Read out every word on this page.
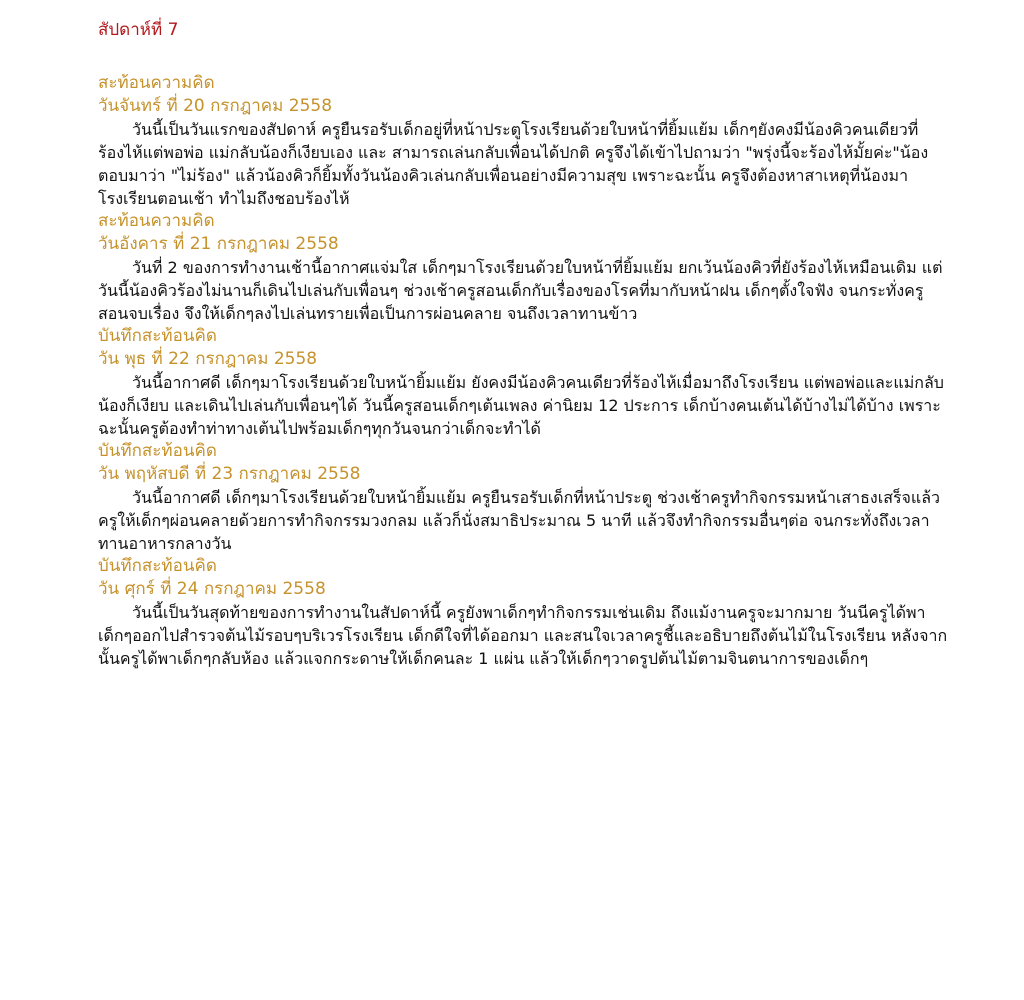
สัปดาห์ที่ 7

สะท้อนความคิด

วันจันทร์ ที่ 20 กรกฎาคม 2558

วันนี้เป็นวันแรกของสัปดาห์ ครูยืนรอรับเด็กอยู่ที่หน้าประตูโรงเรียนด้วยใบหน้าที่ยิ้มแย้ม เด็กๆยังคงมีน้องคิวคนเดียวที่ร้องไห้แต่พอพ่อ แม่กลับน้องก็เงียบเอง และ สามารถเล่นกลับเพื่อนได้ปกติ ครูจึงได้เข้าไปถามว่า "พรุ่งนี้จะร้องไห้มั้ยค่ะ"น้องตอบมาว่า "ไม่ร้อง" แล้วน้องคิวก็ยิ้มทั้งวันน้องคิวเล่นกลับเพื่อนอย่างมีความสุข เพราะฉะนั้น ครูจึงต้องหาสาเหตุที่น้องมาโรงเรียนตอนเช้า ทำไมถึงชอบร้องไห้

สะท้อนความคิด

วันอังคาร ที่ 21 กรกฎาคม 2558

วันที่ 2 ของการทำงานเช้านี้อากาศแจ่มใส เด็กๆมาโรงเรียนด้วยใบหน้าที่ยิ้มแย้ม ยกเว้นน้องคิวที่ยังร้องไห้เหมือนเดิม แต่วันนี้น้องคิวร้องไม่นานก็เดินไปเล่นกับเพื่อนๆ ช่วงเช้าครูสอนเด็กกับเรื่องของโรคที่มากับหน้าฝน เด็กๆตั้งใจฟัง จนกระทั่งครูสอนจบเรื่อง จึงให้เด็กๆลงไปเล่นทรายเพื่อเป็นการผ่อนคลาย จนถึงเวลาทานข้าว

บันทึกสะท้อนคิด

วัน พุธ ที่ 22 กรกฎาคม 2558

วันนี้อากาศดี เด็กๆมาโรงเรียนด้วยใบหน้ายิ้มแย้ม ยังคงมีน้องคิวคนเดียวที่ร้องไห้เมื่อมาถึงโรงเรียน แต่พอพ่อและแม่กลับน้องก็เงียบ และเดินไปเล่นกับเพื่อนๆได้ วันนี้ครูสอนเด็กๆเต้นเพลง ค่านิยม 12 ประการ เด็กบ้างคนเต้นได้บ้างไม่ได้บ้าง เพราะฉะนั้นครูต้องทำท่าทางเต้นไปพร้อมเด็กๆทุกวันจนกว่าเด็กจะทำได้

บันทึกสะท้อนคิด

วัน พฤหัสบดี ที่ 23 กรกฎาคม 2558

วันนี้อากาศดี เด็กๆมาโรงเรียนด้วยใบหน้ายิ้มแย้ม ครูยืนรอรับเด็กที่หน้าประตู ช่วงเช้าครูทำกิจกรรมหน้าเสาธงเสร็จแล้วครูให้เด็กๆผ่อนคลายด้วยการทำกิจกรรมวงกลม แล้วก็นั่งสมาธิประมาณ 5 นาที แล้วจึงทำกิจกรรมอื่นๆต่อ จนกระทั่งถึงเวลาทานอาหารกลางวัน

บันทึกสะท้อนคิด

วัน ศุกร์ ที่ 24 กรกฎาคม 2558

วันนี้เป็นวันสุดท้ายของการทำงานในสัปดาห์นี้ ครูยังพาเด็กๆทำกิจกรรมเช่นเดิม ถึงแม้งานครูจะมากมาย วันนีครูได้พาเด็กๆออกไปสำรวจต้นไม้รอบๆบริเวรโรงเรียน เด็กดีใจที่ได้ออกมา และสนใจเวลาครูชี้และอธิบายถึงต้นไม้ในโรงเรียน หลังจากนั้นครูได้พาเด็กๆกลับห้อง แล้วแจกกระดาษให้เด็กคนละ 1 แผ่น แล้วให้เด็กๆวาดรูปต้นไม้ตามจินตนาการของเด็กๆ
